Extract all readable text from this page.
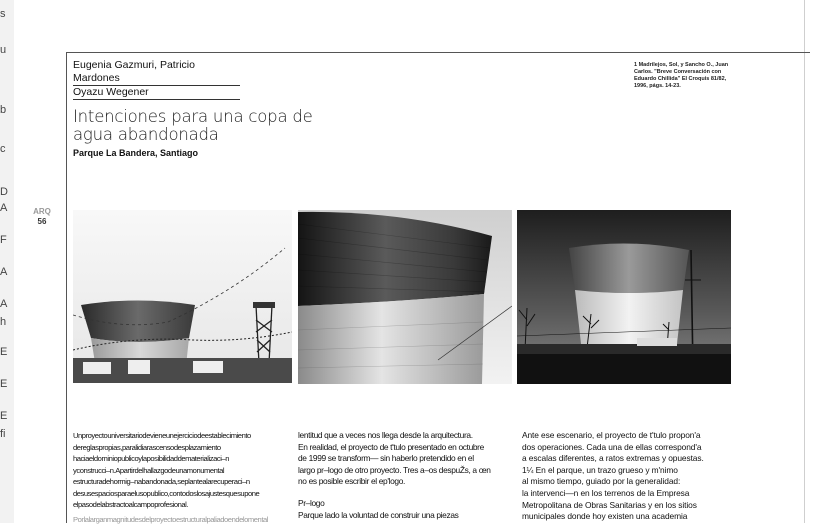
s
u
b
c
D
A
F
A
A
h
E
E
E
fi
Eugenia Gazmuri, Patricio Mardones
Oyazu Wegener
1 Madrilejos, Sol, y Sancho O., Juan Carlos. "Breve Conversación con Eduardo Chillida" El Croquis 81/82, 1996, págs. 14-23.
Intenciones para una copa de agua abandonada
Parque La Bandera, Santiago
ARQ
56

Unproyectouniversitariodevieneunejerciciodeestablecimiento

dereglaspropias,paralidiarascensodesplazamiento

haciaeldominiopublicoylaposibilidaddematerializaci–n

yconstrucci–n.Apartirdelhallazgodeunamonumental

estructuradehormig–nabandonada,seplantealarecuperaci–n

desusespaciosparaelusopublico,contodoslosajustesquesupone

elpasodelabstractoalcampoprofesional.

Porlalarganmagnitudesdelproyectoestructuralpaliadoendelomental

lentitud que a veces nos llega desde la arquitectura.

En realidad, el proyecto de t'tulo presentado en octubre

de 1999 se transform— sin haberlo pretendido en el

largo pr–logo de otro proyecto. Tres a–os despuŽs, a œn

no es posible escribir el ep'logo.

Pr–logo

Parque lado la voluntad de construir una piezas

Ante ese escenario, el proyecto de t'tulo propon'a

dos operaciones. Cada una de ellas correspond'a

a escalas diferentes, a ratos extremas y opuestas.

1¼ En el parque, un trazo grueso y m'nimo

al mismo tiempo, guiado por la generalidad:

la intervenci—n en los terrenos de la Empresa

Metropolitana de Obras Sanitarias y en los sitios

municipales donde hoy existen una academia
